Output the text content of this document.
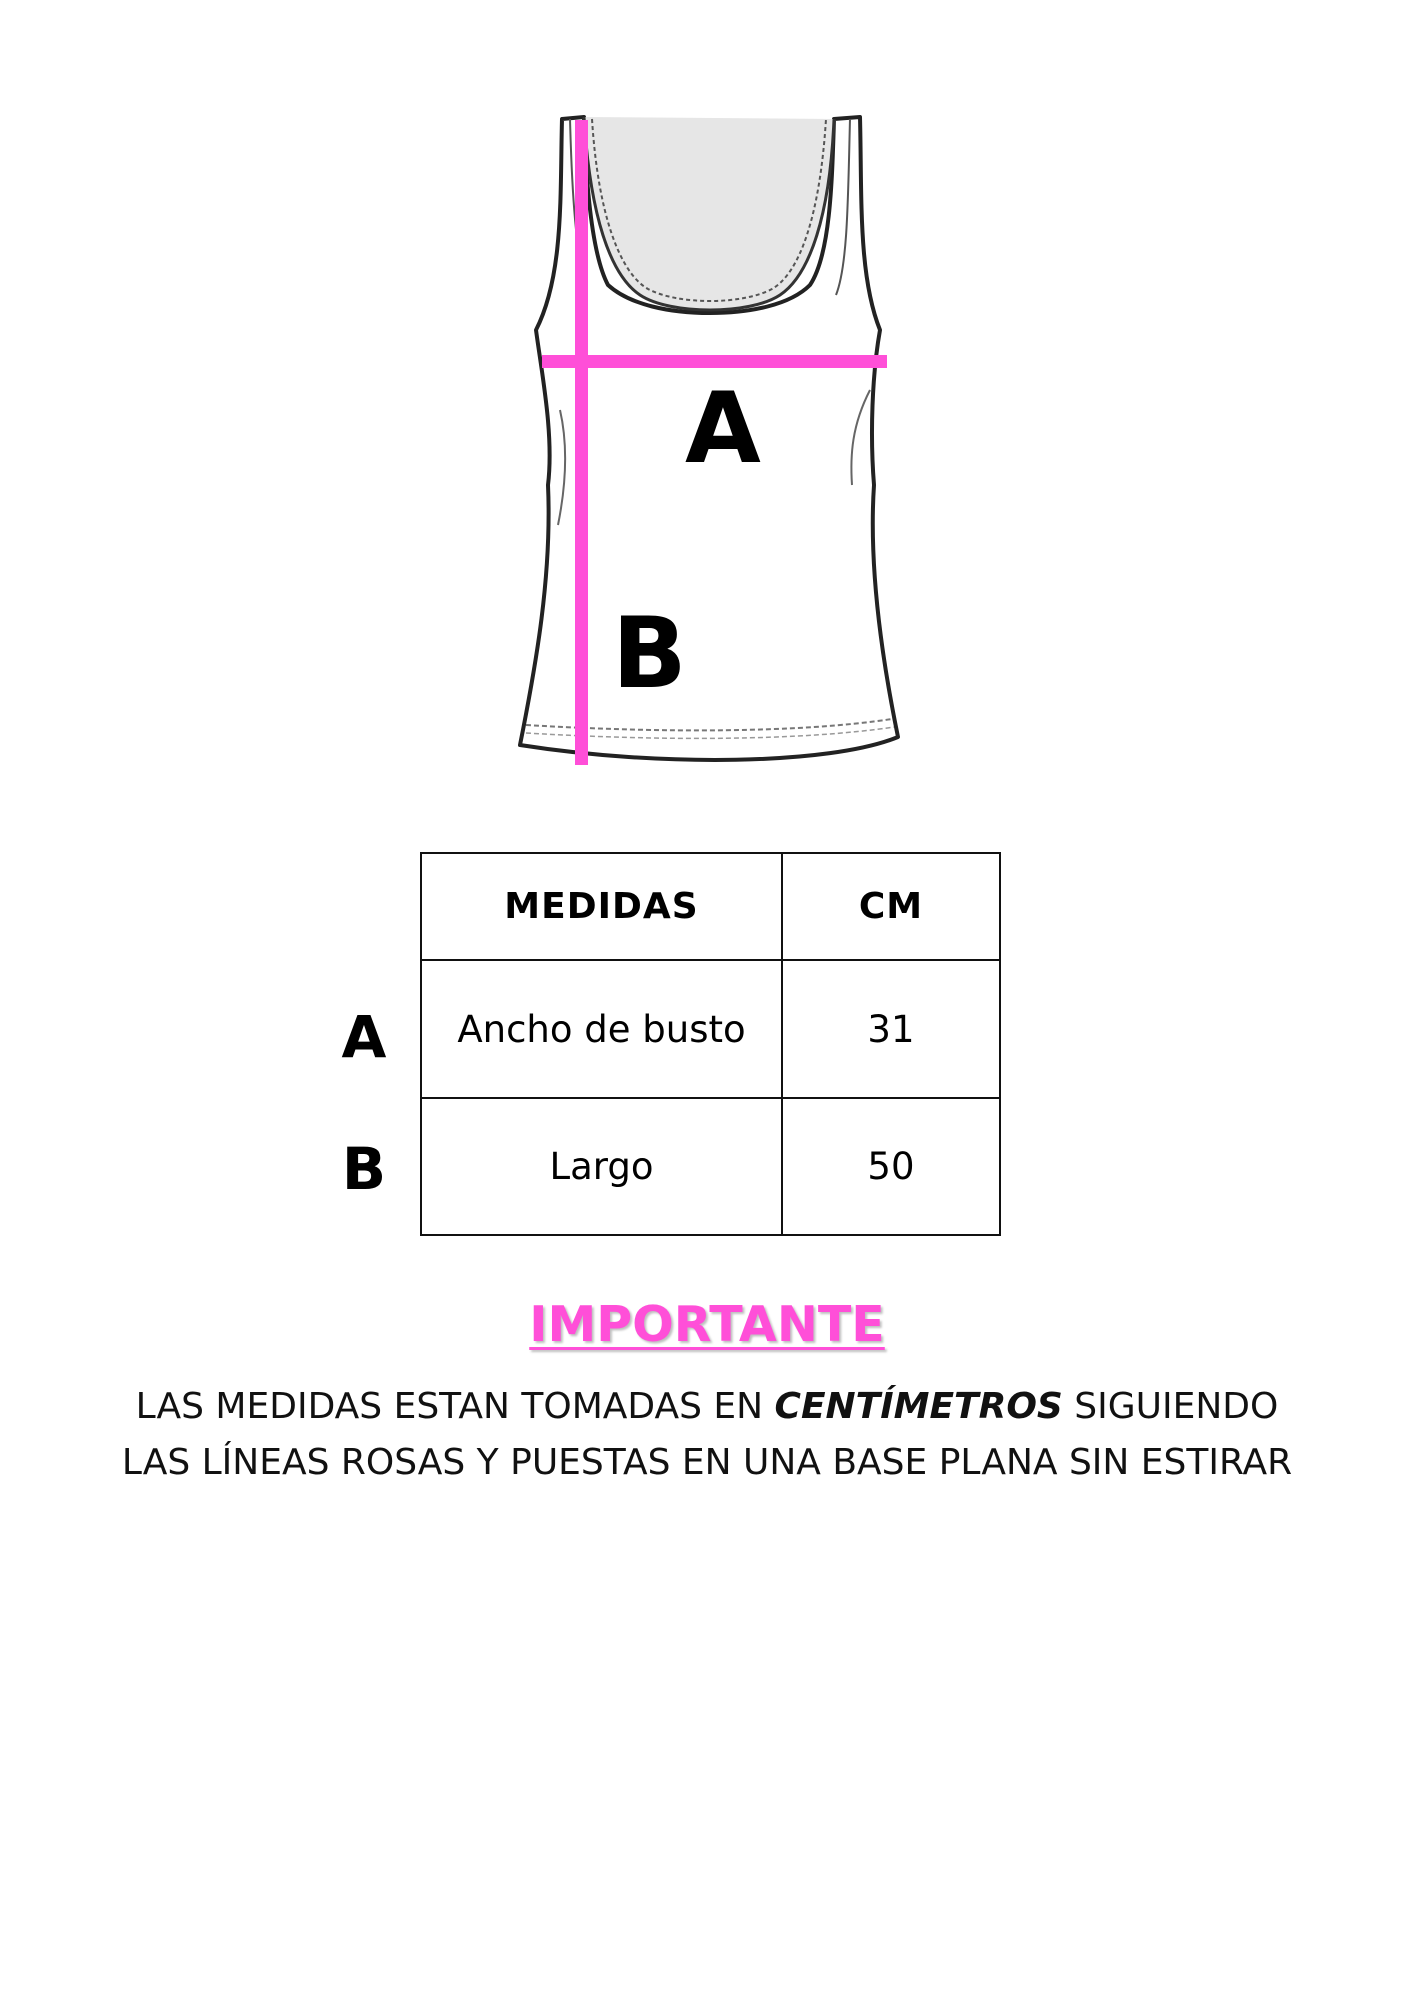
A
B
A
B
MEDIDAS	CM
Ancho de busto	31
Largo	50
IMPORTANTE
LAS MEDIDAS ESTAN TOMADAS EN CENTÍMETROS SIGUIENDO
LAS LÍNEAS ROSAS Y PUESTAS EN UNA BASE PLANA SIN ESTIRAR
